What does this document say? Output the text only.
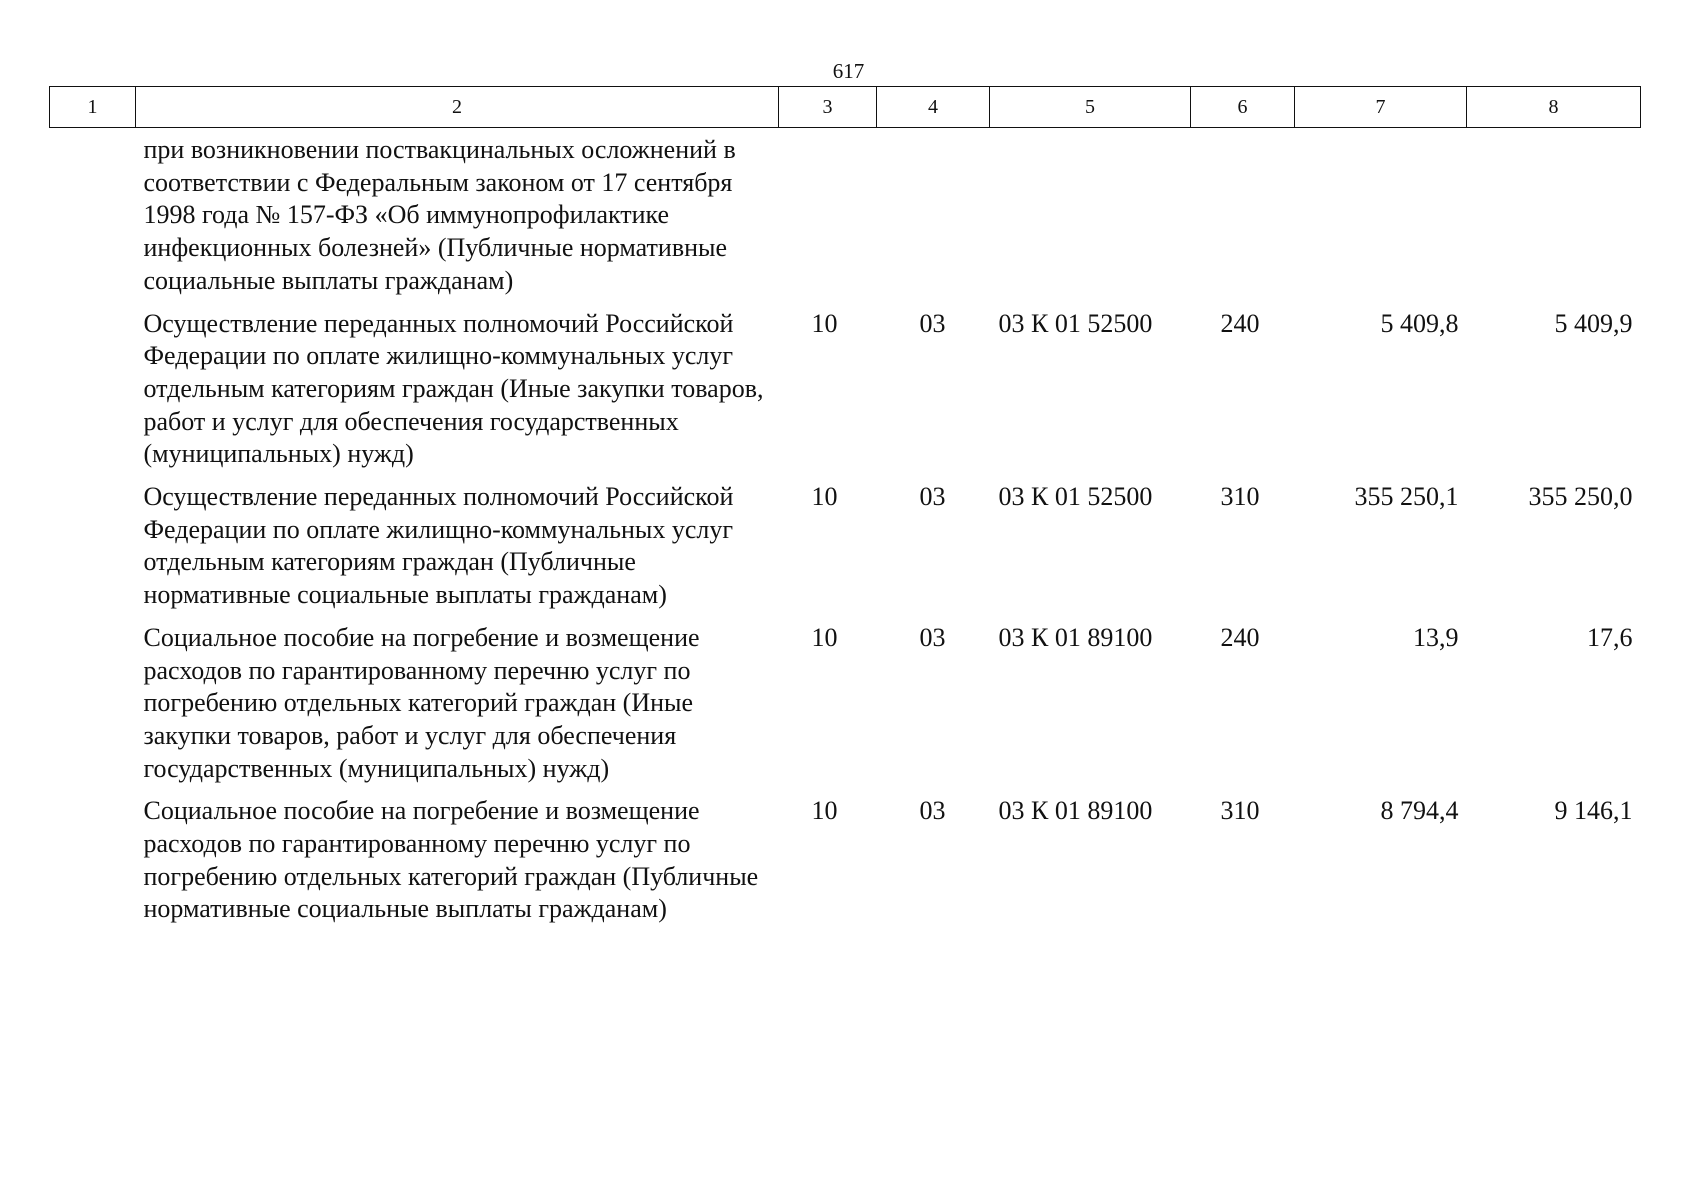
617
1	2	3	4	5	6	7	8
	при возникновении поствакцинальных осложнений в соответствии с Федеральным законом от 17 сентября 1998 года № 157-ФЗ «Об иммунопрофилактике инфекционных болезней» (Публичные нормативные социальные выплаты гражданам)						
	Осуществление переданных полномочий Российской Федерации по оплате жилищно-коммунальных услуг отдельным категориям граждан (Иные закупки товаров, работ и услуг для обеспечения государственных (муниципальных) нужд)	10	03	03 К 01 52500	240	5 409,8	5 409,9
	Осуществление переданных полномочий Российской Федерации по оплате жилищно-коммунальных услуг отдельным категориям граждан (Публичные нормативные социальные выплаты гражданам)	10	03	03 К 01 52500	310	355 250,1	355 250,0
	Социальное пособие на погребение и возмещение расходов по гарантированному перечню услуг по погребению отдельных категорий граждан (Иные закупки товаров, работ и услуг для обеспечения государственных (муниципальных) нужд)	10	03	03 К 01 89100	240	13,9	17,6
	Социальное пособие на погребение и возмещение расходов по гарантированному перечню услуг по погребению отдельных категорий граждан (Публичные нормативные социальные выплаты гражданам)	10	03	03 К 01 89100	310	8 794,4	9 146,1
